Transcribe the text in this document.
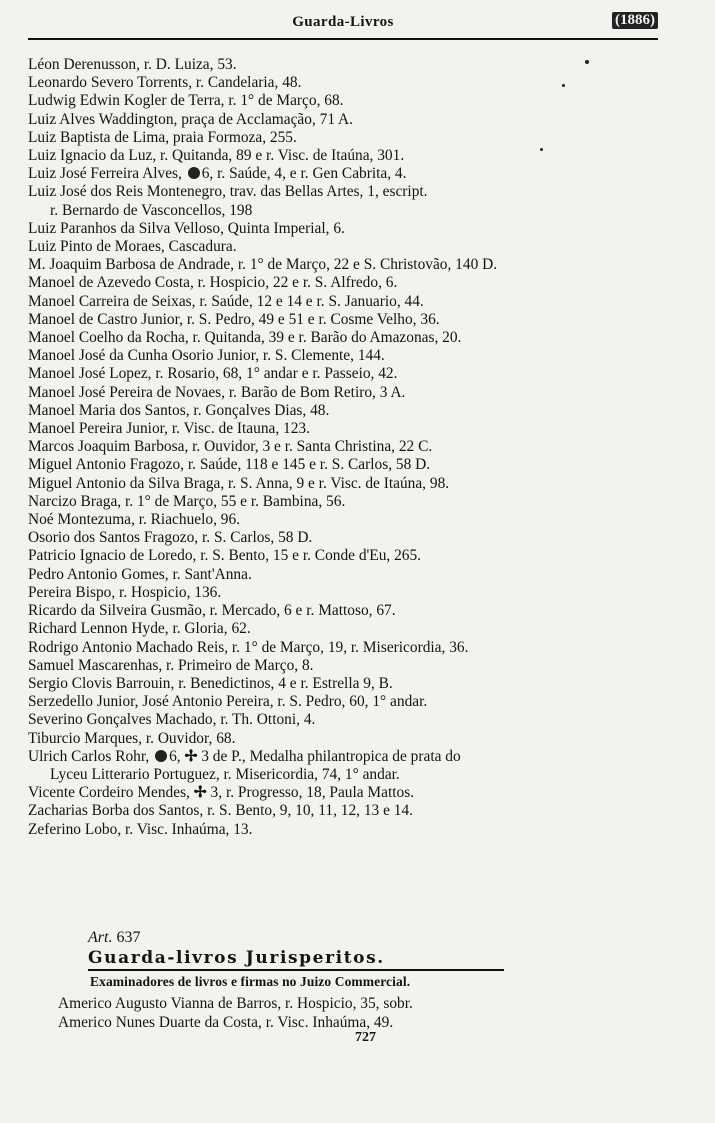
Guarda-Livros	(1886)
Léon Derenusson, r. D. Luiza, 53.
Leonardo Severo Torrents, r. Candelaria, 48.
Ludwig Edwin Kogler de Terra, r. 1° de Março, 68.
Luiz Alves Waddington, praça de Acclamação, 71 A.
Luiz Baptista de Lima, praia Formoza, 255.
Luiz Ignacio da Luz, r. Quitanda, 89 e r. Visc. de Itaúna, 301.
Luiz José Ferreira Alves, 6, r. Saúde, 4, e r. Gen Cabrita, 4.
Luiz José dos Reis Montenegro, trav. das Bellas Artes, 1, escript.
r. Bernardo de Vasconcellos, 198
Luiz Paranhos da Silva Velloso, Quinta Imperial, 6.
Luiz Pinto de Moraes, Cascadura.
M. Joaquim Barbosa de Andrade, r. 1° de Março, 22 e S. Christovão, 140 D.
Manoel de Azevedo Costa, r. Hospicio, 22 e r. S. Alfredo, 6.
Manoel Carreira de Seixas, r. Saúde, 12 e 14 e r. S. Januario, 44.
Manoel de Castro Junior, r. S. Pedro, 49 e 51 e r. Cosme Velho, 36.
Manoel Coelho da Rocha, r. Quitanda, 39 e r. Barão do Amazonas, 20.
Manoel José da Cunha Osorio Junior, r. S. Clemente, 144.
Manoel José Lopez, r. Rosario, 68, 1° andar e r. Passeio, 42.
Manoel José Pereira de Novaes, r. Barão de Bom Retiro, 3 A.
Manoel Maria dos Santos, r. Gonçalves Dias, 48.
Manoel Pereira Junior, r. Visc. de Itauna, 123.
Marcos Joaquim Barbosa, r. Ouvidor, 3 e r. Santa Christina, 22 C.
Miguel Antonio Fragozo, r. Saúde, 118 e 145 e r. S. Carlos, 58 D.
Miguel Antonio da Silva Braga, r. S. Anna, 9 e r. Visc. de Itaúna, 98.
Narcizo Braga, r. 1° de Março, 55 e r. Bambina, 56.
Noé Montezuma, r. Riachuelo, 96.
Osorio dos Santos Fragozo, r. S. Carlos, 58 D.
Patricio Ignacio de Loredo, r. S. Bento, 15 e r. Conde d'Eu, 265.
Pedro Antonio Gomes, r. Sant'Anna.
Pereira Bispo, r. Hospicio, 136.
Ricardo da Silveira Gusmão, r. Mercado, 6 e r. Mattoso, 67.
Richard Lennon Hyde, r. Gloria, 62.
Rodrigo Antonio Machado Reis, r. 1° de Março, 19, r. Misericordia, 36.
Samuel Mascarenhas, r. Primeiro de Março, 8.
Sergio Clovis Barrouin, r. Benedictinos, 4 e r. Estrella 9, B.
Serzedello Junior, José Antonio Pereira, r. S. Pedro, 60, 1° andar.
Severino Gonçalves Machado, r. Th. Ottoni, 4.
Tiburcio Marques, r. Ouvidor, 68.
Ulrich Carlos Rohr, 6, ✢ 3 de P., Medalha philantropica de prata do
Lyceu Litterario Portuguez, r. Misericordia, 74, 1° andar.
Vicente Cordeiro Mendes, ✢ 3, r. Progresso, 18, Paula Mattos.
Zacharias Borba dos Santos, r. S. Bento, 9, 10, 11, 12, 13 e 14.
Zeferino Lobo, r. Visc. Inhaúma, 13.
Art. 637
Guarda-livros Jurisperitos.
Examinadores de livros e firmas no Juizo Commercial.
Americo Augusto Vianna de Barros, r. Hospicio, 35, sobr.
Americo Nunes Duarte da Costa, r. Visc. Inhaúma, 49.
727
